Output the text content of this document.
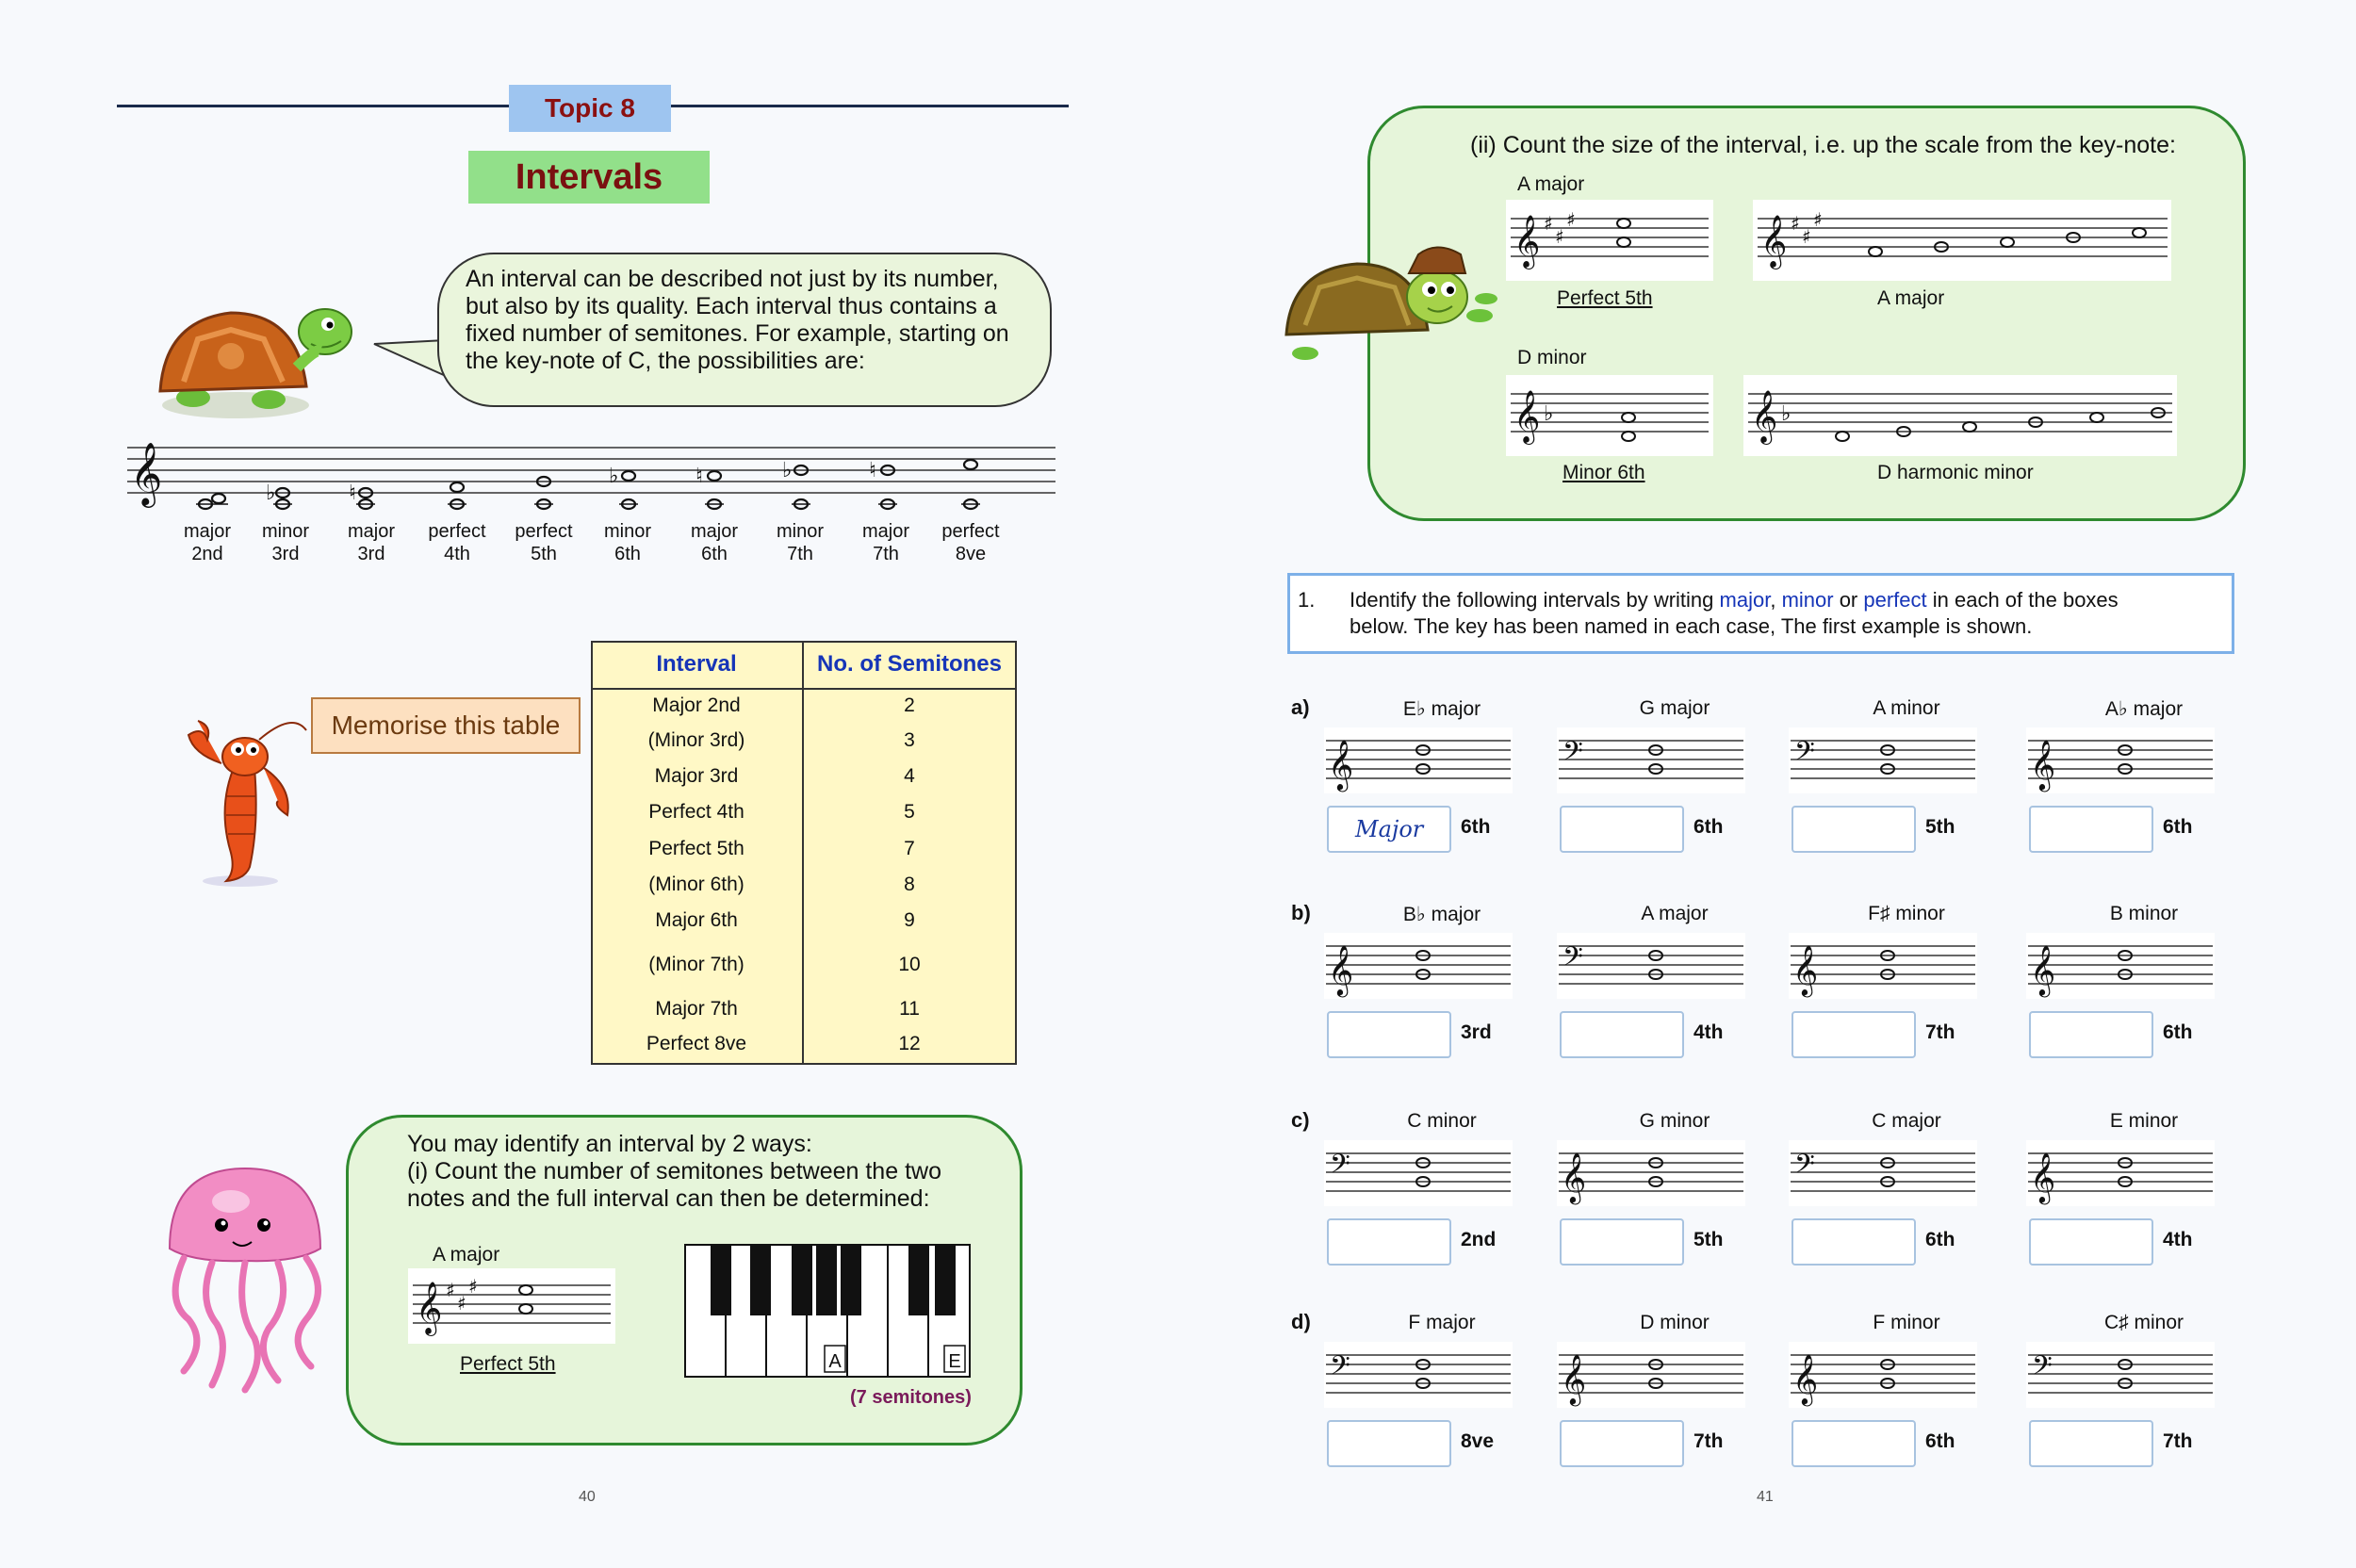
Topic 8
Intervals
An interval can be described not just by its number,
but also by its quality. Each interval thus contains a
fixed number of semitones. For example, starting on
the key-note of C, the possibilities are:
𝄞	♭	♮
♭	♮	♭	♮
major
2nd
minor
3rd
major
3rd
perfect
4th
perfect
5th
minor
6th
major
6th
minor
7th
major
7th
perfect
8ve
Memorise this table
Interval	No. of Semitones
Major 2nd	2
(Minor 3rd)	3
Major 3rd	4
Perfect 4th	5
Perfect 5th	7
(Minor 6th)	8
Major 6th	9
(Minor 7th)	10
Major 7th	11
Perfect 8ve	12
You may identify an interval by 2 ways:
(i) Count the number of semitones between the two
notes and the full interval can then be determined:
A major
𝄞 ♯
♯
♯
Perfect 5th	A	E
(7 semitones)
40
(ii) Count the size of the interval, i.e. up the scale from the key-note:
A major
𝄞 ♯
♯
♯
Perfect 5th
𝄞 ♯
♯
♯
A major
D minor
𝄞 ♭
Minor 6th
𝄞 ♭
D harmonic minor
1. Identify the following intervals by writing major, minor or perfect in each of the boxes
below. The key has been named in each case, The first example is shown.
a)	E♭ major
𝄞
Major	6th
G major
𝄢
6th
A minor
𝄢
5th
A♭ major
𝄞
6th
b)	B♭ major
𝄞
3rd
A major
𝄢
4th
F♯ minor
𝄞
7th
B minor
𝄞
6th
c)	C minor
𝄢
2nd
G minor
𝄞
5th
C major
𝄢
6th
E minor
𝄞
4th
d)	F major
𝄢
8ve
D minor
𝄞
7th
F minor
𝄞
6th
C♯ minor
𝄢
7th
41
